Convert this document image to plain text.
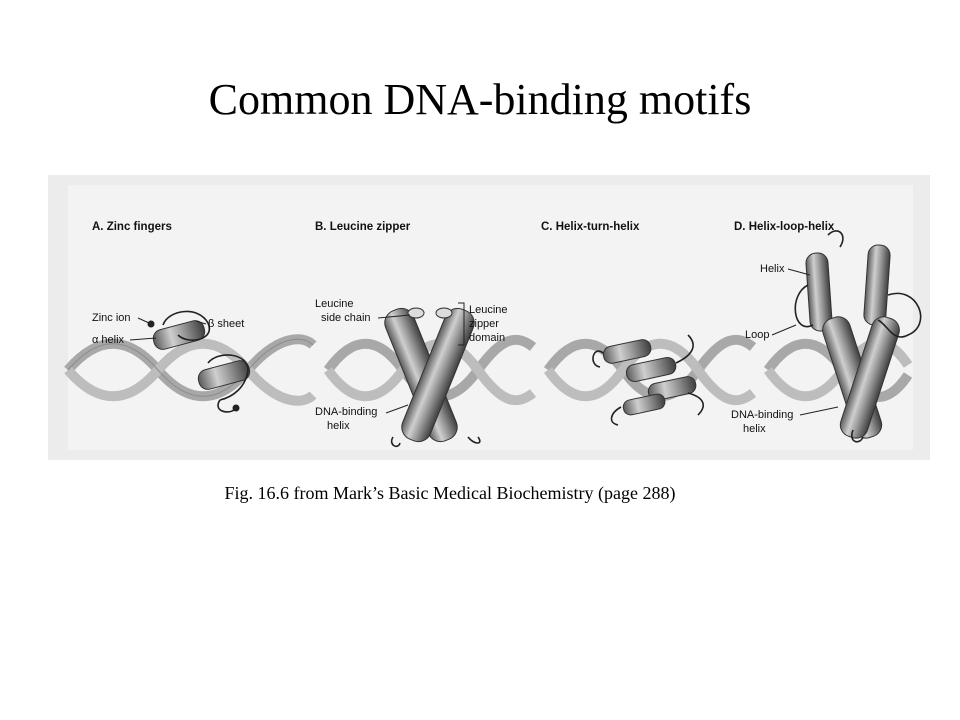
Common DNA-binding motifs
A. Zinc fingers
Zinc ion	β sheet
α helix
B. Leucine zipper
Leucine
side chain
Leucine
zipper
domain
DNA-binding
helix
C. Helix-turn-helix	D. Helix-loop-helix
Helix
Loop
DNA-binding
helix
Fig. 16.6 from Mark’s Basic Medical Biochemistry (page 288)
